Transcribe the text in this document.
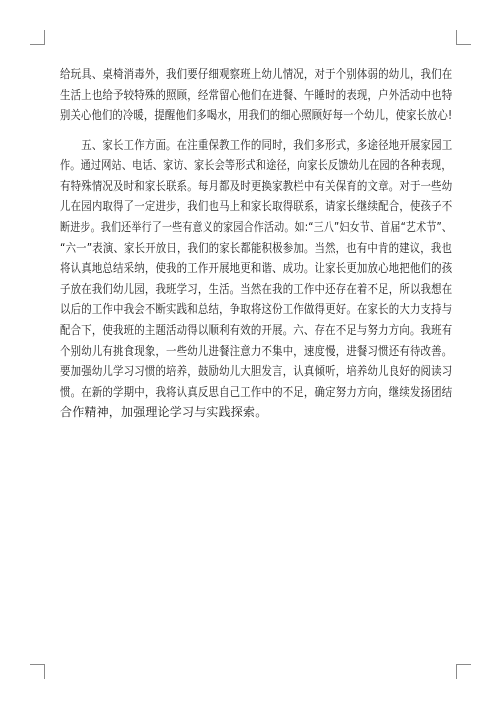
给玩具、桌椅消毒外，我们要仔细观察班上幼儿情况，对于个别体弱的幼儿，我们在
生活上也给予较特殊的照顾，经常留心他们在进餐、午睡时的表现，户外活动中也特
别关心他们的冷暖，提醒他们多喝水，用我们的细心照顾好每一个幼儿，使家长放心!
　　五、家长工作方面。在注重保教工作的同时，我们多形式，多途径地开展家园工
作。通过网站、电话、家访、家长会等形式和途径，向家长反馈幼儿在园的各种表现，
有特殊情况及时和家长联系。每月都及时更换家教栏中有关保育的文章。对于一些幼
儿在园内取得了一定进步，我们也马上和家长取得联系，请家长继续配合，使孩子不
断进步。我们还举行了一些有意义的家园合作活动。如:“三八”妇女节、首届“艺术节”、
“六一”表演、家长开放日，我们的家长都能积极参加。当然，也有中肯的建议，我也
将认真地总结采纳，使我的工作开展地更和谐、成功。让家长更加放心地把他们的孩
子放在我们幼儿园，我班学习，生活。当然在我的工作中还存在着不足，所以我想在
以后的工作中我会不断实践和总结，争取将这份工作做得更好。在家长的大力支持与
配合下，使我班的主题活动得以顺利有效的开展。六、存在不足与努力方向。我班有
个别幼儿有挑食现象，一些幼儿进餐注意力不集中，速度慢，进餐习惯还有待改善。
要加强幼儿学习习惯的培养，鼓励幼儿大胆发言，认真倾听，培养幼儿良好的阅读习
惯。在新的学期中，我将认真反思自己工作中的不足，确定努力方向，继续发扬团结
合作精神，加强理论学习与实践探索。
